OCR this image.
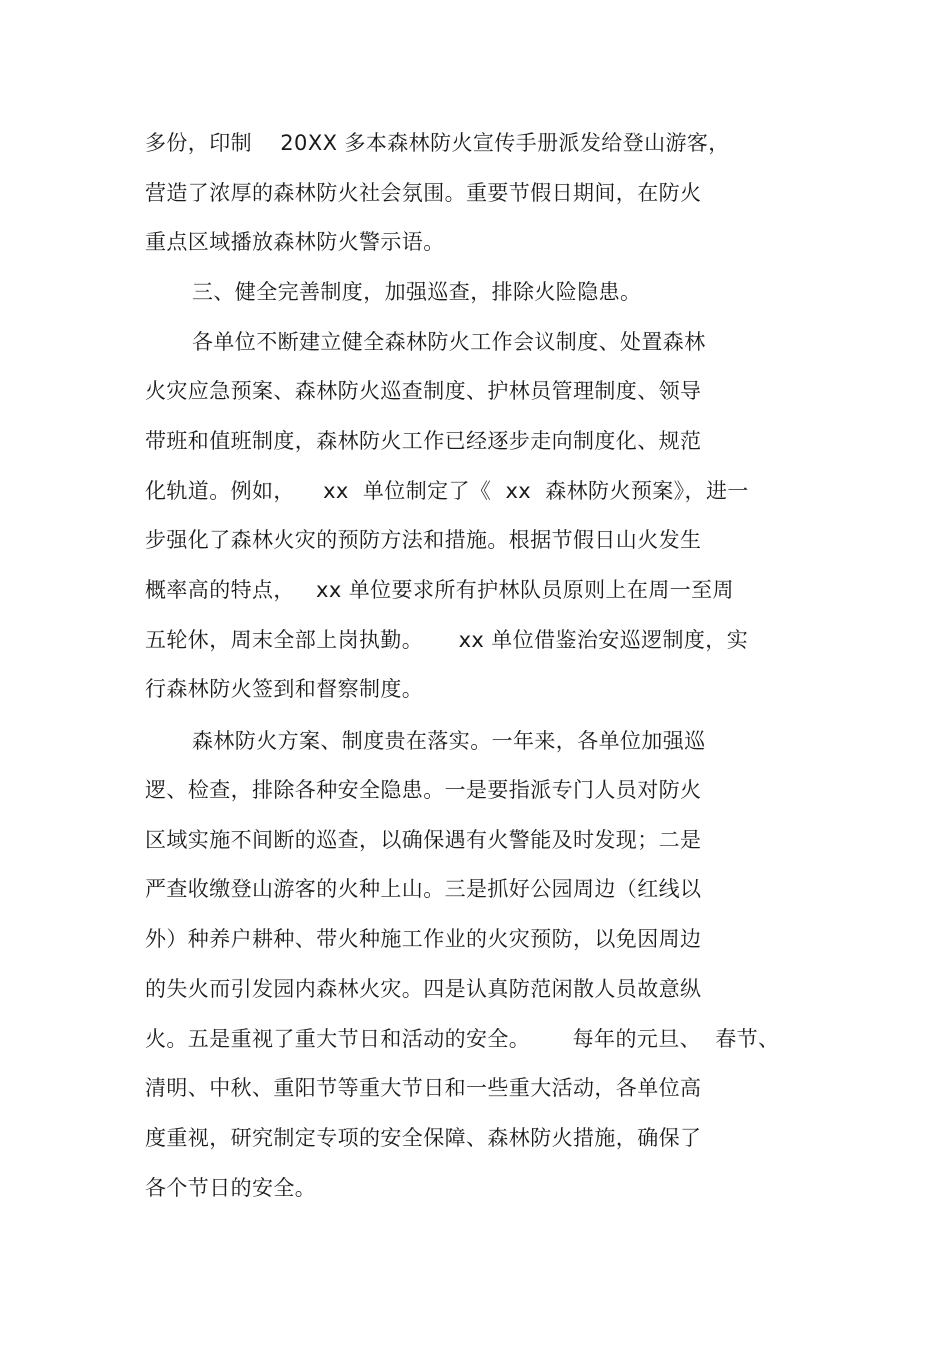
多份，印制    20XX 多本森林防火宣传手册派发给登山游客，
营造了浓厚的森林防火社会氛围。重要节假日期间，在防火
重点区域播放森林防火警示语。
三、健全完善制度，加强巡查，排除火险隐患。
各单位不断建立健全森林防火工作会议制度、处置森林
火灾应急预案、森林防火巡查制度、护林员管理制度、领导
带班和值班制度，森林防火工作已经逐步走向制度化、规范
化轨道。例如，    xx  单位制定了《  xx  森林防火预案》，进一
步强化了森林火灾的预防方法和措施。根据节假日山火发生
概率高的特点，   xx 单位要求所有护林队员原则上在周一至周
五轮休，周末全部上岗执勤。     xx 单位借鉴治安巡逻制度，实
行森林防火签到和督察制度。
森林防火方案、制度贵在落实。一年来，各单位加强巡
逻、检查，排除各种安全隐患。一是要指派专门人员对防火
区域实施不间断的巡查，以确保遇有火警能及时发现；二是
严查收缴登山游客的火种上山。三是抓好公园周边（红线以
外）种养户耕种、带火种施工作业的火灾预防，以免因周边
的失火而引发园内森林火灾。四是认真防范闲散人员故意纵
火。五是重视了重大节日和活动的安全。      每年的元旦、  春节、
清明、中秋、重阳节等重大节日和一些重大活动，各单位高
度重视，研究制定专项的安全保障、森林防火措施，确保了
各个节日的安全。
